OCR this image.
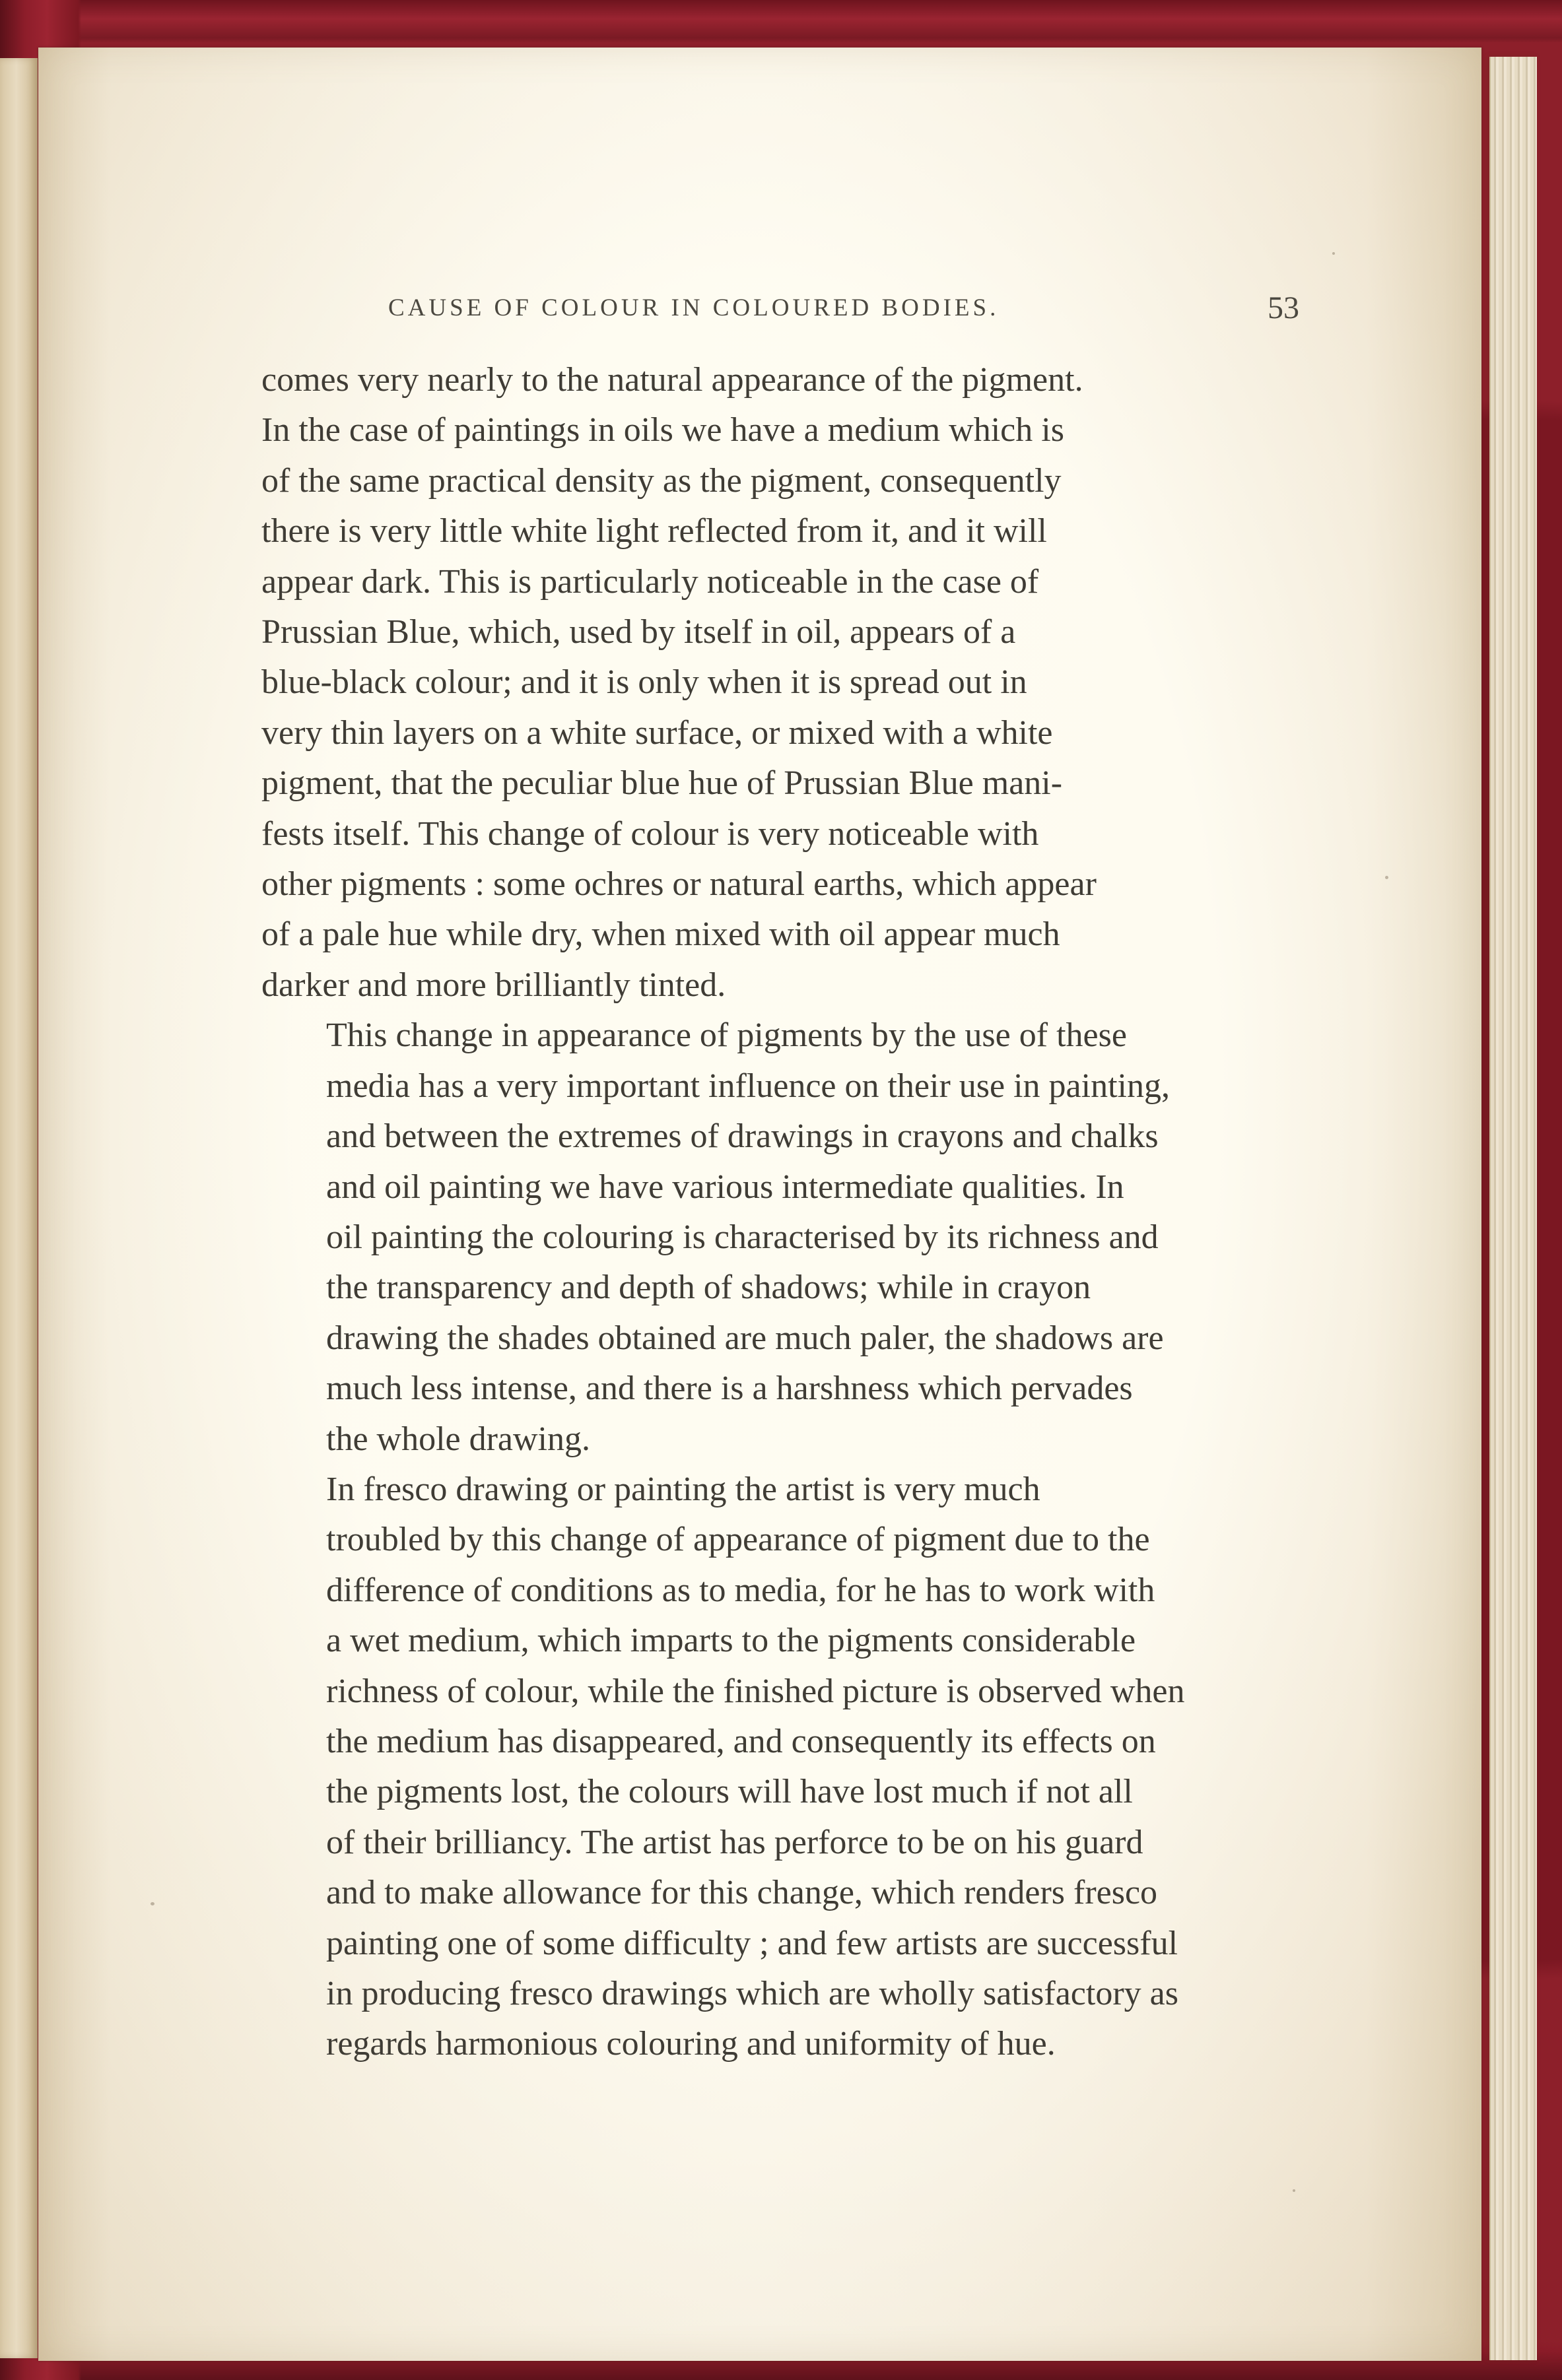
CAUSE OF COLOUR IN COLOURED BODIES.	53

comes very nearly to the natural appearance of the pigment.
In the case of paintings in oils we have a medium which is
of the same practical density as the pigment, consequently
there is very little white light reflected from it, and it will
appear dark. This is particularly noticeable in the case of
Prussian Blue, which, used by itself in oil, appears of a
blue-black colour; and it is only when it is spread out in
very thin layers on a white surface, or mixed with a white
pigment, that the peculiar blue hue of Prussian Blue mani-
fests itself. This change of colour is very noticeable with
other pigments : some ochres or natural earths, which appear
of a pale hue while dry, when mixed with oil appear much
darker and more brilliantly tinted.

This change in appearance of pigments by the use of these
media has a very important influence on their use in painting,
and between the extremes of drawings in crayons and chalks
and oil painting we have various intermediate qualities. In
oil painting the colouring is characterised by its richness and
the transparency and depth of shadows; while in crayon
drawing the shades obtained are much paler, the shadows are
much less intense, and there is a harshness which pervades
the whole drawing.

In fresco drawing or painting the artist is very much
troubled by this change of appearance of pigment due to the
difference of conditions as to media, for he has to work with
a wet medium, which imparts to the pigments considerable
richness of colour, while the finished picture is observed when
the medium has disappeared, and consequently its effects on
the pigments lost, the colours will have lost much if not all
of their brilliancy. The artist has perforce to be on his guard
and to make allowance for this change, which renders fresco
painting one of some difficulty ; and few artists are successful
in producing fresco drawings which are wholly satisfactory as
regards harmonious colouring and uniformity of hue.
